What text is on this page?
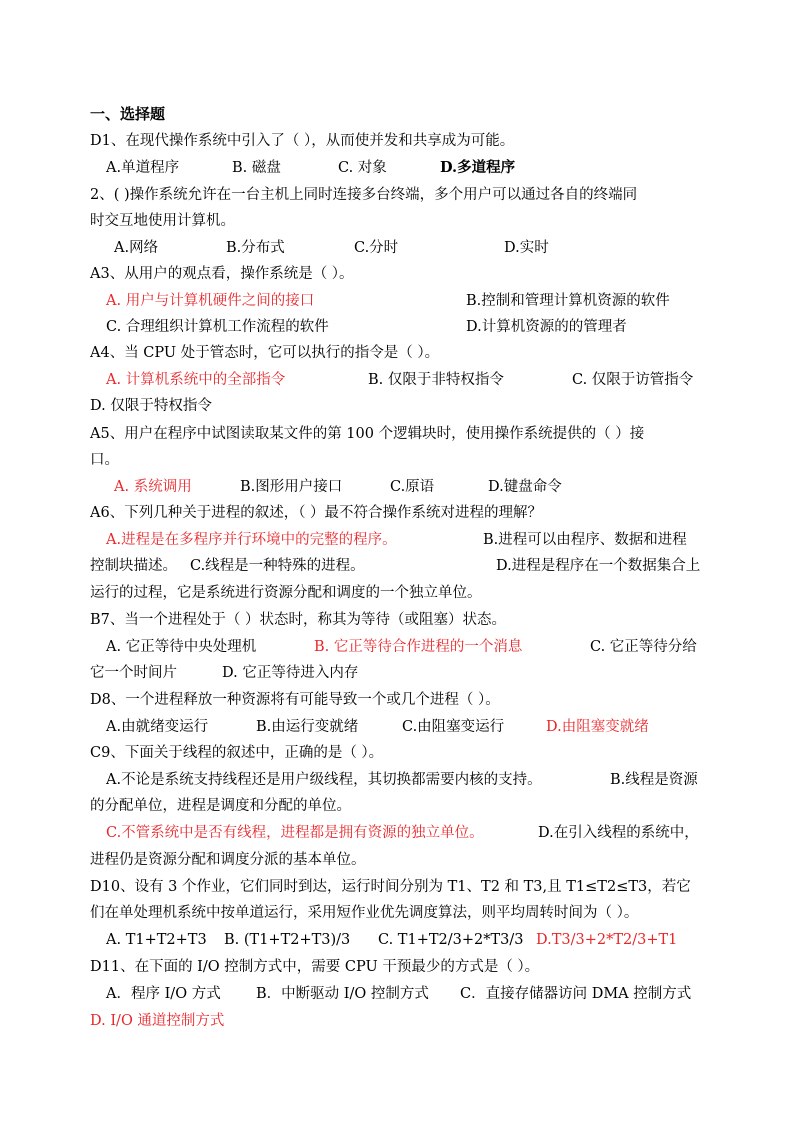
一、选择题
D1、在现代操作系统中引入了（ ），从而使并发和共享成为可能。
A.单道程序	B. 磁盘	C. 对象	D.多道程序
2、( )操作系统允许在一台主机上同时连接多台终端，多个用户可以通过各自的终端同
时交互地使用计算机。
A.网络	B.分布式	C.分时	D.实时
A3、从用户的观点看，操作系统是（ ）。
A. 用户与计算机硬件之间的接口	B.控制和管理计算机资源的软件
C. 合理组织计算机工作流程的软件	D.计算机资源的的管理者
A4、当 CPU 处于管态时，它可以执行的指令是（ ）。
A. 计算机系统中的全部指令	B. 仅限于非特权指令	C. 仅限于访管指令
D. 仅限于特权指令
A5、用户在程序中试图读取某文件的第 100 个逻辑块时，使用操作系统提供的（ ）接
口。
A. 系统调用	B.图形用户接口	C.原语	D.键盘命令
A6、下列几种关于进程的叙述，（ ）最不符合操作系统对进程的理解？
A.进程是在多程序并行环境中的完整的程序。	B.进程可以由程序、数据和进程
控制块描述。 C.线程是一种特殊的进程。	D.进程是程序在一个数据集合上
运行的过程，它是系统进行资源分配和调度的一个独立单位。
B7、当一个进程处于（ ）状态时，称其为等待（或阻塞）状态。
A. 它正等待中央处理机	B. 它正等待合作进程的一个消息	C. 它正等待分给
它一个时间片	D. 它正等待进入内存
D8、一个进程释放一种资源将有可能导致一个或几个进程（ ）。
A.由就绪变运行	B.由运行变就绪	C.由阻塞变运行	D.由阻塞变就绪
C9、下面关于线程的叙述中，正确的是（ ）。
A.不论是系统支持线程还是用户级线程，其切换都需要内核的支持。	B.线程是资源
的分配单位，进程是调度和分配的单位。
C.不管系统中是否有线程，进程都是拥有资源的独立单位。	D.在引入线程的系统中，
进程仍是资源分配和调度分派的基本单位。
D10、设有 3 个作业，它们同时到达，运行时间分别为 T1、T2 和 T3,且 T1≤T2≤T3，若它
们在单处理机系统中按单道运行，采用短作业优先调度算法，则平均周转时间为（ ）。
A. T1+T2+T3 B. (T1+T2+T3)/3 C. T1+T2/3+2*T3/3 D.T3/3+2*T2/3+T1
D11、在下面的 I/O 控制方式中，需要 CPU 干预最少的方式是（ ）。
A．程序 I/O 方式 B．中断驱动 I/O 控制方式 C．直接存储器访问 DMA 控制方式
D. I/O 通道控制方式
